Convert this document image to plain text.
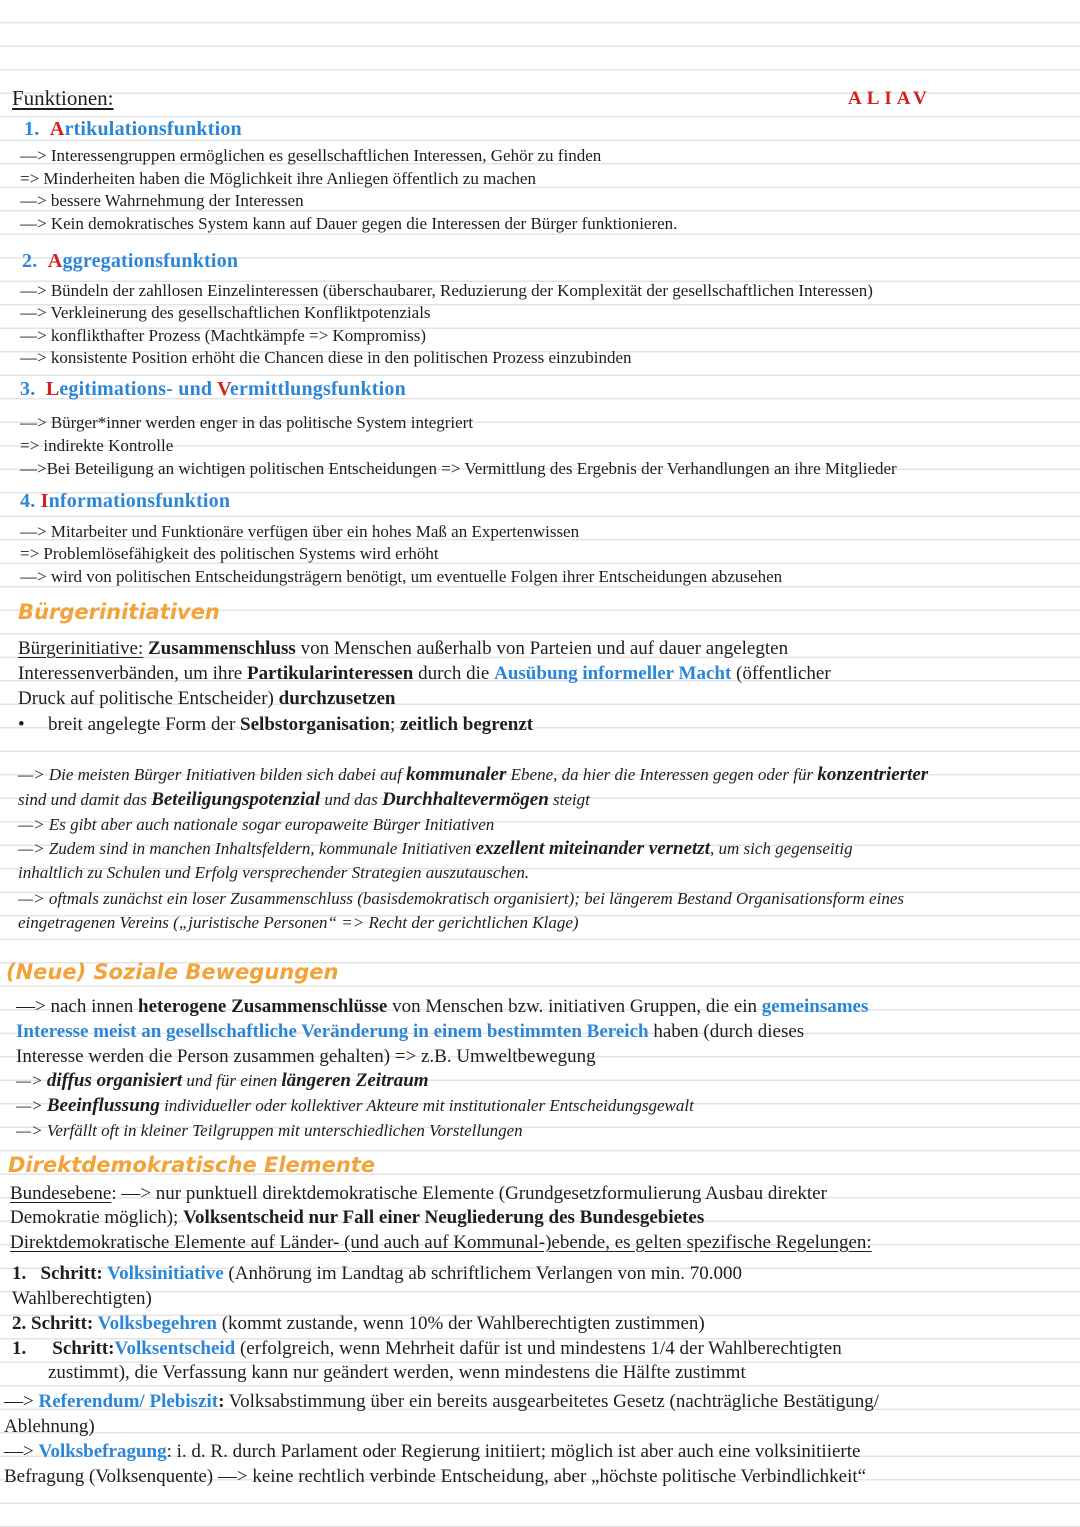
Funktionen:	ALIAV
1. Artikulationsfunktion
—> Interessengruppen ermöglichen es gesellschaftlichen Interessen, Gehör zu finden
=> Minderheiten haben die Möglichkeit ihre Anliegen öffentlich zu machen
—> bessere Wahrnehmung der Interessen
—> Kein demokratisches System kann auf Dauer gegen die Interessen der Bürger funktionieren.
2. Aggregationsfunktion
—> Bündeln der zahllosen Einzelinteressen (überschaubarer, Reduzierung der Komplexität der gesellschaftlichen Interessen)
—> Verkleinerung des gesellschaftlichen Konfliktpotenzials
—> konflikthafter Prozess (Machtkämpfe => Kompromiss)
—> konsistente Position erhöht die Chancen diese in den politischen Prozess einzubinden
3. Legitimations- und Vermittlungsfunktion
—> Bürger*inner werden enger in das politische System integriert
=> indirekte Kontrolle
—>Bei Beteiligung an wichtigen politischen Entscheidungen => Vermittlung des Ergebnis der Verhandlungen an ihre Mitglieder
4. Informationsfunktion
—> Mitarbeiter und Funktionäre verfügen über ein hohes Maß an Expertenwissen
=> Problemlösefähigkeit des politischen Systems wird erhöht
—> wird von politischen Entscheidungsträgern benötigt, um eventuelle Folgen ihrer Entscheidungen abzusehen
Bürgerinitiativen
Bürgerinitiative: Zusammenschluss von Menschen außerhalb von Parteien und auf dauer angelegten
Interessenverbänden, um ihre Partikularinteressen durch die Ausübung informeller Macht (öffentlicher
Druck auf politische Entscheider) durchzusetzen
• breit angelegte Form der Selbstorganisation; zeitlich begrenzt
—> Die meisten Bürger Initiativen bilden sich dabei auf kommunaler Ebene, da hier die Interessen gegen oder für konzentrierter
sind und damit das Beteiligungspotenzial und das Durchhaltevermögen steigt
—> Es gibt aber auch nationale sogar europaweite Bürger Initiativen
—> Zudem sind in manchen Inhaltsfeldern, kommunale Initiativen exzellent miteinander vernetzt, um sich gegenseitig
inhaltlich zu Schulen und Erfolg versprechender Strategien auszutauschen.
—> oftmals zunächst ein loser Zusammenschluss (basisdemokratisch organisiert); bei längerem Bestand Organisationsform eines
eingetragenen Vereins („juristische Personen“ => Recht der gerichtlichen Klage)
(Neue) Soziale Bewegungen
—> nach innen heterogene Zusammenschlüsse von Menschen bzw. initiativen Gruppen, die ein gemeinsames
Interesse meist an gesellschaftliche Veränderung in einem bestimmten Bereich haben (durch dieses
Interesse werden die Person zusammen gehalten) => z.B. Umweltbewegung
—> diffus organisiert und für einen längeren Zeitraum
—> Beeinflussung individueller oder kollektiver Akteure mit institutionaler Entscheidungsgewalt
—> Verfällt oft in kleiner Teilgruppen mit unterschiedlichen Vorstellungen
Direktdemokratische Elemente
Bundesebene: —> nur punktuell direktdemokratische Elemente (Grundgesetzformulierung Ausbau direkter
Demokratie möglich); Volksentscheid nur Fall einer Neugliederung des Bundesgebietes
Direktdemokratische Elemente auf Länder- (und auch auf Kommunal-)ebende, es gelten spezifische Regelungen:
1. Schritt: Volksinitiative (Anhörung im Landtag ab schriftlichem Verlangen von min. 70.000
Wahlberechtigten)
2. Schritt: Volksbegehren (kommt zustande, wenn 10% der Wahlberechtigten zustimmen)
1. Schritt:Volksentscheid (erfolgreich, wenn Mehrheit dafür ist und mindestens 1/4 der Wahlberechtigten
zustimmt), die Verfassung kann nur geändert werden, wenn mindestens die Hälfte zustimmt
—> Referendum/ Plebiszit: Volksabstimmung über ein bereits ausgearbeitetes Gesetz (nachträgliche Bestätigung/
Ablehnung)
—> Volksbefragung: i. d. R. durch Parlament oder Regierung initiiert; möglich ist aber auch eine volksinitiierte
Befragung (Volksenquente) —> keine rechtlich verbinde Entscheidung, aber „höchste politische Verbindlichkeit“
